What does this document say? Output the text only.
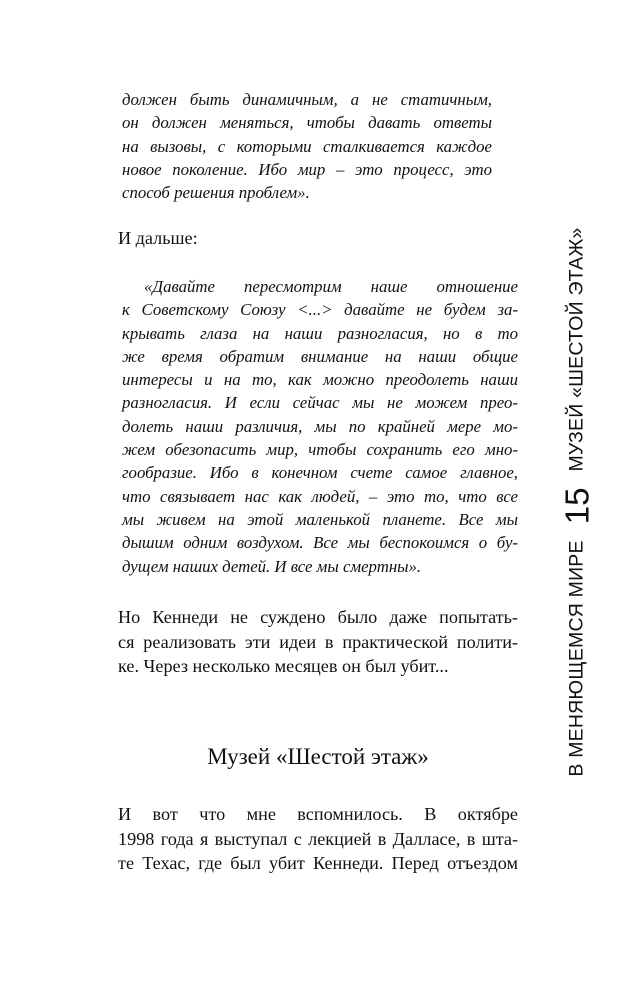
должен быть динамичным, а не статичным,
он должен меняться, чтобы давать ответы
на вызовы, с которыми сталкивается каждое
новое поколение. Ибо мир – это процесс, это
способ решения проблем».
И дальше:
«Давайте пересмотрим наше отношение
к Советскому Союзу <...> давайте не будем за-
крывать глаза на наши разногласия, но в то
же время обратим внимание на наши общие
интересы и на то, как можно преодолеть наши
разногласия. И если сейчас мы не можем прео-
долеть наши различия, мы по крайней мере мо-
жем обезопасить мир, чтобы сохранить его мно-
гообразие. Ибо в конечном счете самое главное,
что связывает нас как людей, – это то, что все
мы живем на этой маленькой планете. Все мы
дышим одним воздухом. Все мы беспокоимся о бу-
дущем наших детей. И все мы смертны».
Но Кеннеди не суждено было даже попытать-
ся реализовать эти идеи в практической полити-
ке. Через несколько месяцев он был убит...
Музей «Шестой этаж»
И вот что мне вспомнилось. В октябре
1998 года я выступал с лекцией в Далласе, в шта-
те Техас, где был убит Кеннеди. Перед отъездом
В МЕНЯЮЩЕМСЯ МИРЕ
15
МУЗЕЙ «ШЕСТОЙ ЭТАЖ»
